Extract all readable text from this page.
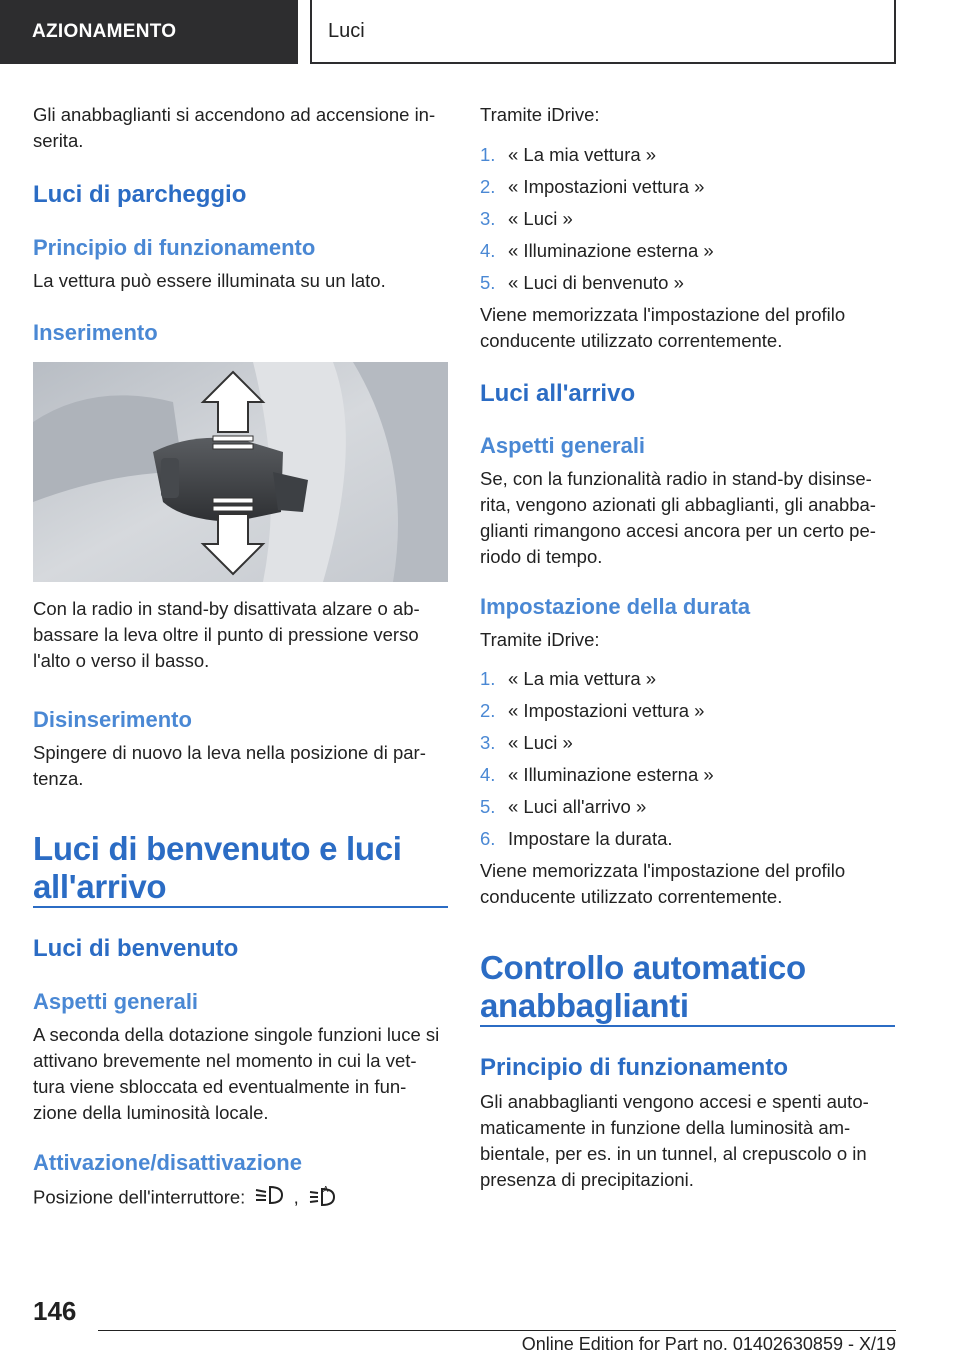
AZIONAMENTO	Luci

Gli anabbaglianti si accendono ad accensione in-serita.

Luci di parcheggio
Principio di funzionamento

La vettura può essere illuminata su un lato.

Inserimento

Con la radio in stand-by disattivata alzare o ab-bassare la leva oltre il punto di pressione verso l'alto o verso il basso.

Disinserimento

Spingere di nuovo la leva nella posizione di par-tenza.

Luci di benvenuto e luci all'arrivo
Luci di benvenuto
Aspetti generali

A seconda della dotazione singole funzioni luce si attivano brevemente nel momento in cui la vet-tura viene sbloccata ed eventualmente in fun-zione della luminosità locale.

Attivazione/disattivazione

Posizione dell'interruttore:	,	A

Tramite iDrive:

1. « La mia vettura »
2. « Impostazioni vettura »
3. « Luci »
4. « Illuminazione esterna »
5. « Luci di benvenuto »

Viene memorizzata l'impostazione del profilo conducente utilizzato correntemente.

Luci all'arrivo
Aspetti generali

Se, con la funzionalità radio in stand-by disinse-rita, vengono azionati gli abbaglianti, gli anabba-glianti rimangono accesi ancora per un certo pe-riodo di tempo.

Impostazione della durata

Tramite iDrive:

1. « La mia vettura »
2. « Impostazioni vettura »
3. « Luci »
4. « Illuminazione esterna »
5. « Luci all'arrivo »
6. Impostare la durata.

Viene memorizzata l'impostazione del profilo conducente utilizzato correntemente.

Controllo automatico anabbaglianti
Principio di funzionamento

Gli anabbaglianti vengono accesi e spenti auto-maticamente in funzione della luminosità am-bientale, per es. in un tunnel, al crepuscolo o in presenza di precipitazioni.

146
Online Edition for Part no. 01402630859 - X/19
